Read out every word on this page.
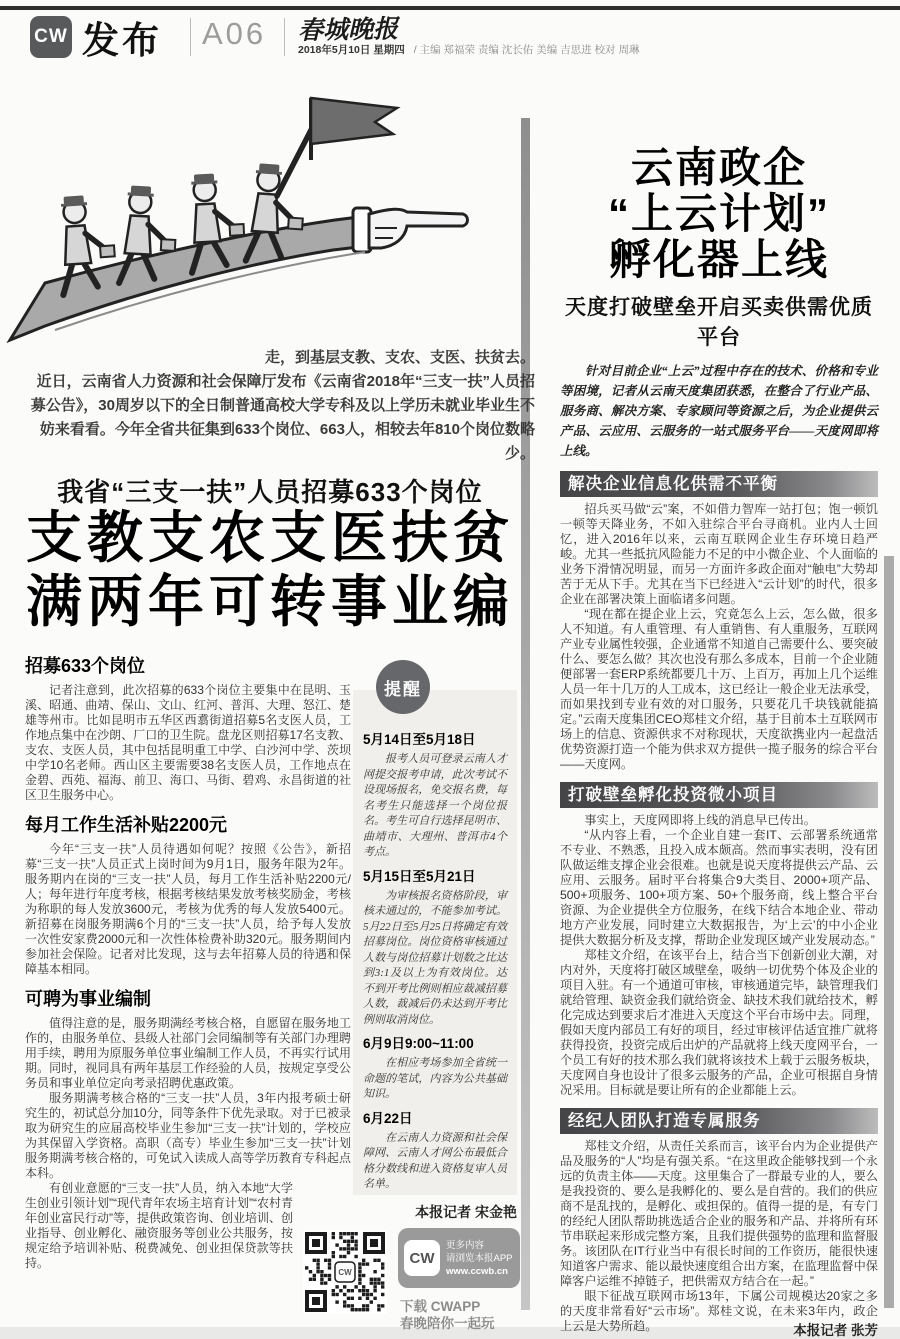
CW 发布 A06 春城晚报
2018年5月10日 星期四 / 主编 郑福荣 责编 沈长佑 美编 吉思进 校对 周琳
走，到基层支教、支农、支医、扶贫去。
近日，云南省人力资源和社会保障厅发布《云南省2018年“三支一扶”人员招募公告》，30周岁以下的全日制普通高校大学专科及以上学历未就业毕业生不妨来看看。今年全省共征集到633个岗位、663人，相较去年810个岗位数略少。
我省“三支一扶”人员招募633个岗位
支教支农支医扶贫
满两年可转事业编
招募633个岗位

记者注意到，此次招募的633个岗位主要集中在昆明、玉溪、昭通、曲靖、保山、文山、红河、普洱、大理、怒江、楚雄等州市。比如昆明市五华区西翥街道招募5名支医人员，工作地点集中在沙朗、厂口的卫生院。盘龙区则招募17名支教、支农、支医人员，其中包括昆明重工中学、白沙河中学、茨坝中学10名老师。西山区主要需要38名支医人员，工作地点在金碧、西苑、福海、前卫、海口、马街、碧鸡、永昌街道的社区卫生服务中心。

每月工作生活补贴2200元

今年“三支一扶”人员待遇如何呢？按照《公告》，新招募“三支一扶”人员正式上岗时间为9月1日，服务年限为2年。服务期内在岗的“三支一扶”人员，每月工作生活补贴2200元/人；每年进行年度考核，根据考核结果发放考核奖励金，考核为称职的每人发放3600元，考核为优秀的每人发放5400元。新招募在岗服务期满6个月的“三支一扶”人员，给予每人发放一次性安家费2000元和一次性体检费补助320元。服务期间内参加社会保险。记者对比发现，这与去年招募人员的待遇和保障基本相同。

可聘为事业编制

值得注意的是，服务期满经考核合格，自愿留在服务地工作的，由服务单位、县级人社部门会同编制等有关部门办理聘用手续，聘用为原服务单位事业编制工作人员，不再实行试用期。同时，视同具有两年基层工作经验的人员，按规定享受公务员和事业单位定向考录招聘优惠政策。

服务期满考核合格的“三支一扶”人员，3年内报考硕士研究生的，初试总分加10分，同等条件下优先录取。对于已被录取为研究生的应届高校毕业生参加“三支一扶”计划的，学校应为其保留入学资格。高职（高专）毕业生参加“三支一扶”计划服务期满考核合格的，可免试入读成人高等学历教育专科起点本科。

有创业意愿的“三支一扶”人员，纳入本地“大学生创业引领计划”“现代青年农场主培育计划”“农村青年创业富民行动”等，提供政策咨询、创业培训、创业指导、创业孵化、融资服务等创业公共服务，按规定给予培训补贴、税费减免、创业担保贷款等扶持。

提醒
5月14日至5月18日
报考人员可登录云南人才网提交报考申请，此次考试不设现场报名，免交报名费，每名考生只能选择一个岗位报名。考生可自行选择昆明市、曲靖市、大理州、普洱市4个考点。
5月15日至5月21日
为审核报名资格阶段，审核未通过的，不能参加考试。5月22日至5月25日将确定有效招募岗位。岗位资格审核通过人数与岗位招募计划数之比达到3:1及以上为有效岗位。达不到开考比例则相应裁减招募人数，裁减后仍未达到开考比例则取消岗位。
6月9日9:00~11:00
在相应考场参加全省统一命题的笔试，内容为公共基础知识。
6月22日
在云南人力资源和社会保障网、云南人才网公布最低合格分数线和进入资格复审人员名单。
本报记者 宋金艳
CW
CW
更多内容
请浏览本报APP
www.ccwb.cn
下载 CWAPP
春晚陪你一起玩
云南政企
“上云计划”
孵化器上线
天度打破壁垒开启买卖供需优质平台
针对目前企业“上云”过程中存在的技术、价格和专业等困境，记者从云南天度集团获悉，在整合了行业产品、服务商、解决方案、专家顾问等资源之后，为企业提供云产品、云应用、云服务的一站式服务平台——天度网即将上线。
解决企业信息化供需不平衡

招兵买马做“云”案，不如借力智库一站打包；饱一顿饥一顿等天降业务，不如入驻综合平台寻商机。业内人士回忆，进入2016年以来，云南互联网企业生存环境日趋严峻。尤其一些抵抗风险能力不足的中小微企业、个人面临的业务下滑情况明显，而另一方面许多政企面对“触电”大势却苦于无从下手。尤其在当下已经进入“云计划”的时代，很多企业在部署决策上面临诸多问题。

“现在都在提企业上云，究竟怎么上云，怎么做，很多人不知道。有人重管理、有人重销售、有人重服务，互联网产业专业属性较强，企业通常不知道自己需要什么、要突破什么、要怎么做？其次也没有那么多成本，目前一个企业随便部署一套ERP系统都要几十万、上百万，再加上几个运维人员一年十几万的人工成本，这已经让一般企业无法承受，而如果找到专业有效的对口服务，只要花几千块钱就能搞定。”云南天度集团CEO郑桂文介绍，基于目前本土互联网市场上的信息、资源供求不对称现状，天度欲携业内一起盘活优势资源打造一个能为供求双方提供一揽子服务的综合平台——天度网。

打破壁垒孵化投资微小项目

事实上，天度网即将上线的消息早已传出。

“从内容上看，一个企业自建一套IT、云部署系统通常不专业、不熟悉，且投入成本颇高。然而事实表明，没有团队做运维支撑企业会很难。也就是说天度将提供云产品、云应用、云服务。届时平台将集合9大类目、2000+项产品、500+项服务、100+项方案、50+个服务商，线上整合平台资源、为企业提供全方位服务，在线下结合本地企业、带动地方产业发展，同时建立大数据报告，为‘上云’的中小企业提供大数据分析及支撑，帮助企业发现区域产业发展动态。”

郑桂文介绍，在该平台上，结合当下创新创业大潮，对内对外，天度将打破区域壁垒，吸纳一切优势个体及企业的项目入驻。有一个通道可审核，审核通道完毕，缺管理我们就给管理、缺资金我们就给资金、缺技术我们就给技术，孵化完成达到要求后才准进入天度这个平台市场中去。同理，假如天度内部员工有好的项目，经过审核评估适宜推广就将获得投资，投资完成后出炉的产品就将上线天度网平台，一个员工有好的技术那么我们就将该技术上载于云服务板块，天度网自身也设计了很多云服务的产品，企业可根据自身情况采用。目标就是要让所有的企业都能上云。

经纪人团队打造专属服务

郑桂文介绍，从责任关系而言，该平台内为企业提供产品及服务的“人”均是有强关系。“在这里政企能够找到一个永远的负责主体——天度。这里集合了一群最专业的人，要么是我投资的、要么是我孵化的、要么是自营的。我们的供应商不是乱找的，是孵化、或担保的。值得一提的是，有专门的经纪人团队帮助挑选适合企业的服务和产品、并将所有环节串联起来形成完整方案，且我们提供强势的监理和监督服务。该团队在IT行业当中有很长时间的工作资历，能很快速知道客户需求、能以最快速度组合出方案，在监理监督中保障客户运维不掉链子，把供需双方结合在一起。”

眼下征战互联网市场13年，下属公司规模达20家之多的天度非常看好“云市场”。郑桂文说，在未来3年内，政企上云是大势所趋。	本报记者 张芳
